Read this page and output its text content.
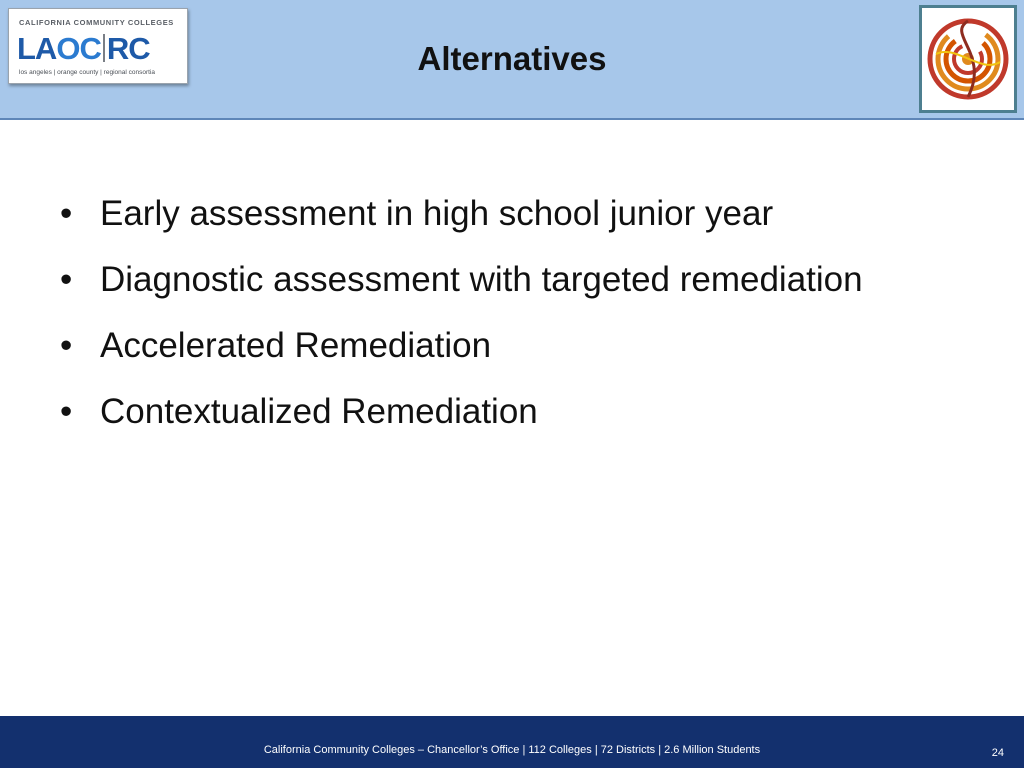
CALIFORNIA COMMUNITY COLLEGES
LAOC RC
los angeles | orange county | regional consortia	Alternatives
• Early assessment in high school junior year
• Diagnostic assessment with targeted remediation
• Accelerated Remediation
• Contextualized Remediation
California Community Colleges – Chancellor’s Office | 112 Colleges | 72 Districts | 2.6 Million Students	24
